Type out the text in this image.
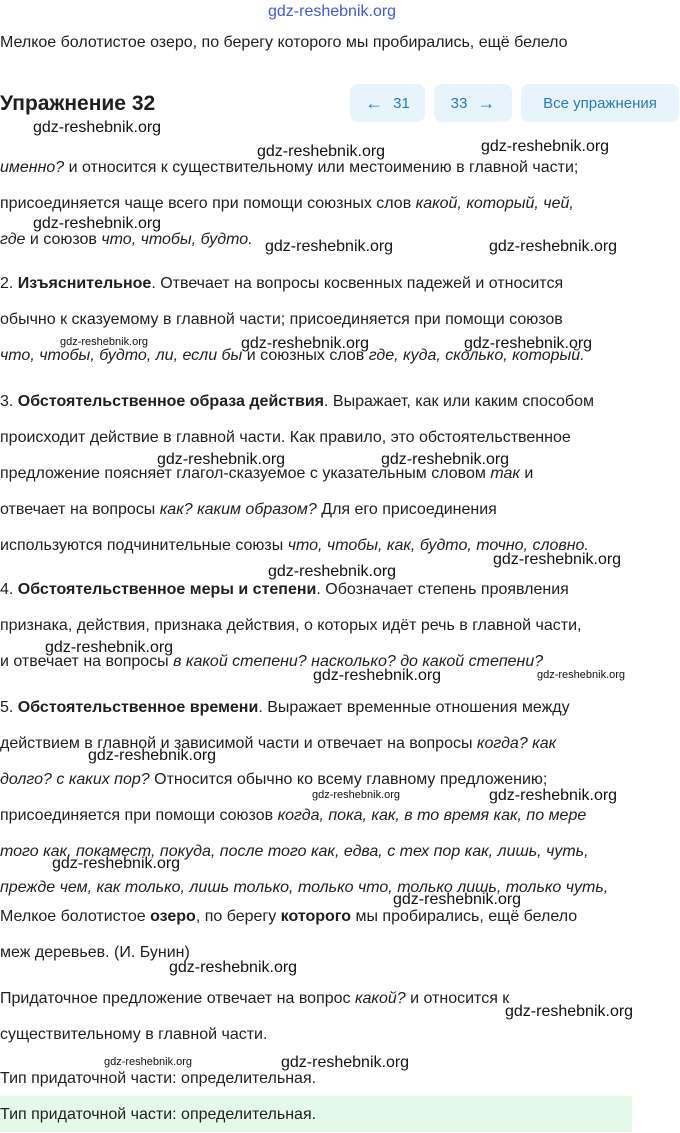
gdz-reshebnik.org
Мелкое болотистое озеро, по берегу которого мы пробирались, ещё белело
Упражнение 32	← 31	33 →	Все упражнения
именно? и относится к существительному или местоимению в главной части;
присоединяется чаще всего при помощи союзных слов какой, который, чей,
где и союзов что, чтобы, будто.
2. Изъяснительное. Отвечает на вопросы косвенных падежей и относится
обычно к сказуемому в главной части; присоединяется при помощи союзов
что, чтобы, будто, ли, если бы и союзных слов где, куда, сколько, который.
3. Обстоятельственное образа действия. Выражает, как или каким способом
происходит действие в главной части. Как правило, это обстоятельственное
предложение поясняет глагол-сказуемое с указательным словом так и
отвечает на вопросы как? каким образом? Для его присоединения
используются подчинительные союзы что, чтобы, как, будто, точно, словно.
4. Обстоятельственное меры и степени. Обозначает степень проявления
признака, действия, признака действия, о которых идёт речь в главной части,
и отвечает на вопросы в какой степени? насколько? до какой степени?
5. Обстоятельственное времени. Выражает временные отношения между
действием в главной и зависимой части и отвечает на вопросы когда? как
долго? с каких пор? Относится обычно ко всему главному предложению;
присоединяется при помощи союзов когда, пока, как, в то время как, по мере
того как, покамест, покуда, после того как, едва, с тех пор как, лишь, чуть,
прежде чем, как только, лишь только, только что, только лишь, только чуть,
Мелкое болотистое озеро, по берегу которого мы пробирались, ещё белело
меж деревьев. (И. Бунин)
Придаточное предложение отвечает на вопрос какой? и относится к
существительному в главной части.
Тип придаточной части: определительная.
Тип придаточной части: определительная.
gdz-reshebnik.org
gdz-reshebnik.org
gdz-reshebnik.org
gdz-reshebnik.org
gdz-reshebnik.org	gdz-reshebnik.org
gdz-reshebnik.org	gdz-reshebnik.org	gdz-reshebnik.org
gdz-reshebnik.org	gdz-reshebnik.org
gdz-reshebnik.org
gdz-reshebnik.org
gdz-reshebnik.org
gdz-reshebnik.org	gdz-reshebnik.org
gdz-reshebnik.org
gdz-reshebnik.org	gdz-reshebnik.org
gdz-reshebnik.org
gdz-reshebnik.org
gdz-reshebnik.org
gdz-reshebnik.org
gdz-reshebnik.org	gdz-reshebnik.org
